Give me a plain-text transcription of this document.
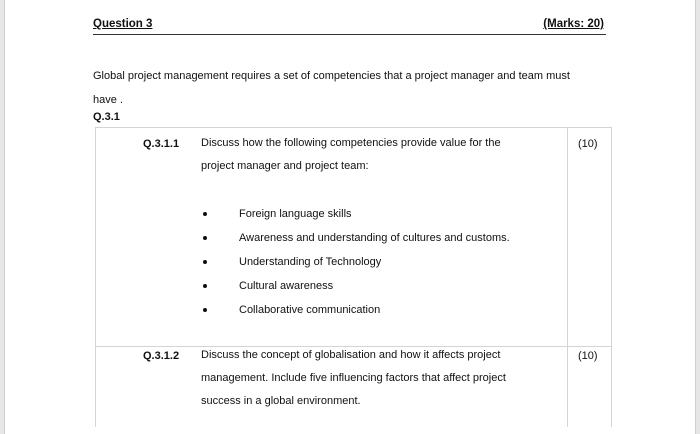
Question 3	(Marks: 20)
Global project management requires a set of competencies that a project manager and team must
have .
Q.3.1
Q.3.1.1 Discuss how the following competencies provide value for the
project manager and project team:
(10)
Foreign language skills
Awareness and understanding of cultures and customs.
Understanding of Technology
Cultural awareness
Collaborative communication
Q.3.1.2 Discuss the concept of globalisation and how it affects project
management. Include five influencing factors that affect project
success in a global environment.
(10)
